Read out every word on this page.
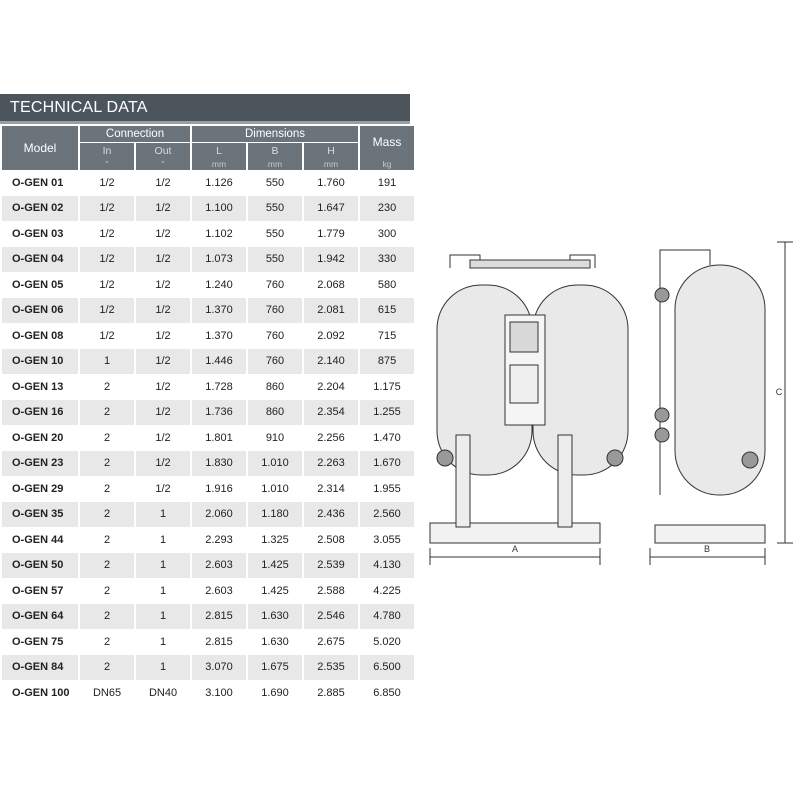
TECHNICAL DATA
Model	Connection		Dimensions			Mass
	In	Out	L	B	H	
	"	"	mm	mm	mm	kg
O-GEN 01	1/2	1/2	1.126	550	1.760	191
O-GEN 02	1/2	1/2	1.100	550	1.647	230
O-GEN 03	1/2	1/2	1.102	550	1.779	300
O-GEN 04	1/2	1/2	1.073	550	1.942	330
O-GEN 05	1/2	1/2	1.240	760	2.068	580
O-GEN 06	1/2	1/2	1.370	760	2.081	615
O-GEN 08	1/2	1/2	1.370	760	2.092	715
O-GEN 10	1	1/2	1.446	760	2.140	875
O-GEN 13	2	1/2	1.728	860	2.204	1.175
O-GEN 16	2	1/2	1.736	860	2.354	1.255
O-GEN 20	2	1/2	1.801	910	2.256	1.470
O-GEN 23	2	1/2	1.830	1.010	2.263	1.670
O-GEN 29	2	1/2	1.916	1.010	2.314	1.955
O-GEN 35	2	1	2.060	1.180	2.436	2.560
O-GEN 44	2	1	2.293	1.325	2.508	3.055
O-GEN 50	2	1	2.603	1.425	2.539	4.130
O-GEN 57	2	1	2.603	1.425	2.588	4.225
O-GEN 64	2	1	2.815	1.630	2.546	4.780
O-GEN 75	2	1	2.815	1.630	2.675	5.020
O-GEN 84	2	1	3.070	1.675	2.535	6.500
O-GEN 100	DN65	DN40	3.100	1.690	2.885	6.850
A	B
C
